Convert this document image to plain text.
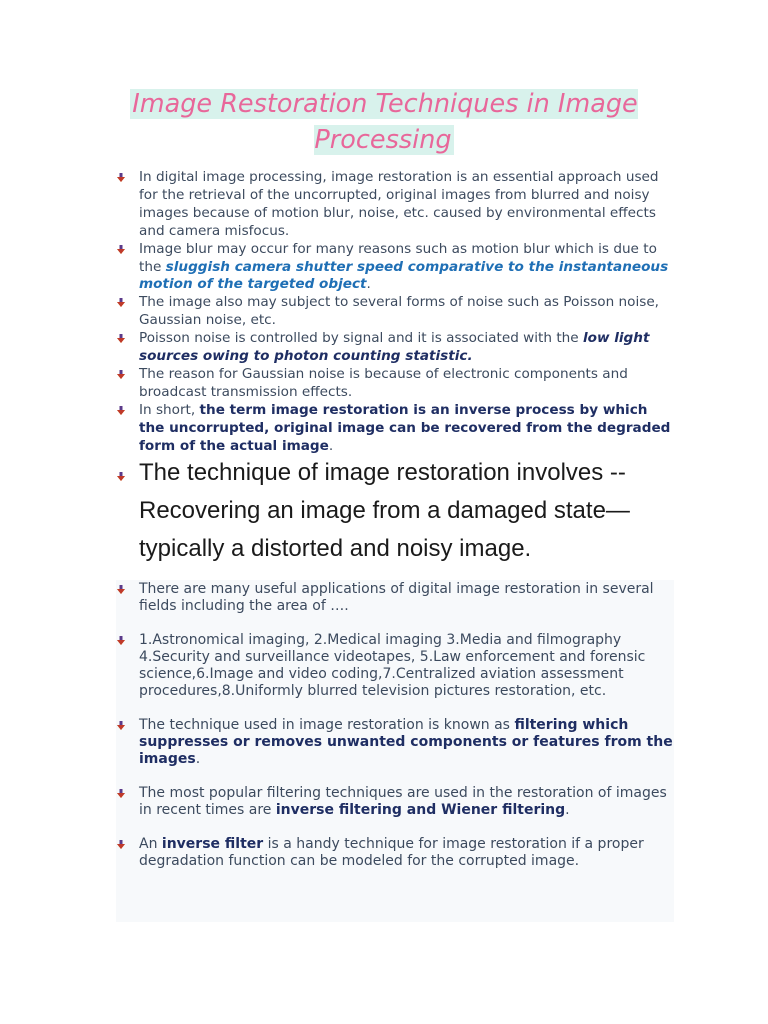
Image Restoration Techniques in Image Processing
In digital image processing, image restoration is an essential approach used for the retrieval of the uncorrupted, original images from blurred and noisy images because of motion blur, noise, etc. caused by environmental effects and camera misfocus.
Image blur may occur for many reasons such as motion blur which is due to the sluggish camera shutter speed comparative to the instantaneous motion of the targeted object.
The image also may subject to several forms of noise such as Poisson noise, Gaussian noise, etc.
Poisson noise is controlled by signal and it is associated with the low light sources owing to photon counting statistic.
The reason for Gaussian noise is because of electronic components and broadcast transmission effects.
In short, the term image restoration is an inverse process by which the uncorrupted, original image can be recovered from the degraded form of the actual image.
The technique of image restoration involves -- Recovering an image from a damaged state—typically a distorted and noisy image.
There are many useful applications of digital image restoration in several fields including the area of ….
1.Astronomical imaging, 2.Medical imaging 3.Media and filmography 4.Security and surveillance videotapes, 5.Law enforcement and forensic science,6.Image and video coding,7.Centralized aviation assessment procedures,8.Uniformly blurred television pictures restoration, etc.
The technique used in image restoration is known as filtering which suppresses or removes unwanted components or features from the images.
The most popular filtering techniques are used in the restoration of images in recent times are inverse filtering and Wiener filtering.
An inverse filter is a handy technique for image restoration if a proper degradation function can be modeled for the corrupted image.
